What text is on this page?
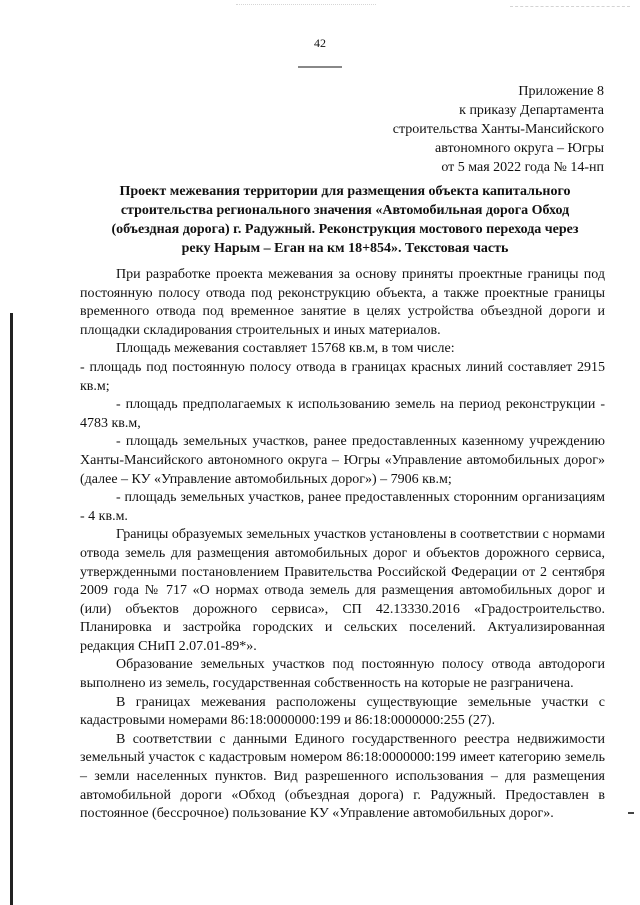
42
Приложение 8
к приказу Департамента
строительства Ханты-Мансийского
автономного округа – Югры
от 5 мая 2022 года № 14-нп
Проект межевания территории для размещения объекта капитального
строительства регионального значения «Автомобильная дорога Обход
(объездная дорога) г. Радужный. Реконструкция мостового перехода через
реку Нарым – Еган на км 18+854». Текстовая часть

При разработке проекта межевания за основу приняты проектные границы под постоянную полосу отвода под реконструкцию объекта, а также проектные границы временного отвода под временное занятие в целях устройства объездной дороги и площадки складирования строительных и иных материалов.

Площадь межевания составляет 15768 кв.м, в том числе:

- площадь под постоянную полосу отвода в границах красных линий составляет 2915 кв.м;

- площадь предполагаемых к использованию земель на период реконструкции - 4783 кв.м,

- площадь земельных участков, ранее предоставленных казенному учреждению Ханты-Мансийского автономного округа – Югры «Управление автомобильных дорог» (далее – КУ «Управление автомобильных дорог») – 7906 кв.м;

- площадь земельных участков, ранее предоставленных сторонним организациям - 4 кв.м.

Границы образуемых земельных участков установлены в соответствии с нормами отвода земель для размещения автомобильных дорог и объектов дорожного сервиса, утвержденными постановлением Правительства Российской Федерации от 2 сентября 2009 года № 717 «О нормах отвода земель для размещения автомобильных дорог и (или) объектов дорожного сервиса», СП 42.13330.2016 «Градостроительство. Планировка и застройка городских и сельских поселений. Актуализированная редакция СНиП 2.07.01-89*».

Образование земельных участков под постоянную полосу отвода автодороги выполнено из земель, государственная собственность на которые не разграничена.

В границах межевания расположены существующие земельные участки с кадастровыми номерами 86:18:0000000:199 и 86:18:0000000:255 (27).

В соответствии с данными Единого государственного реестра недвижимости земельный участок с кадастровым номером 86:18:0000000:199 имеет категорию земель – земли населенных пунктов. Вид разрешенного использования – для размещения автомобильной дороги «Обход (объездная дорога) г. Радужный. Предоставлен в постоянное (бессрочное) пользование КУ «Управление автомобильных дорог».
